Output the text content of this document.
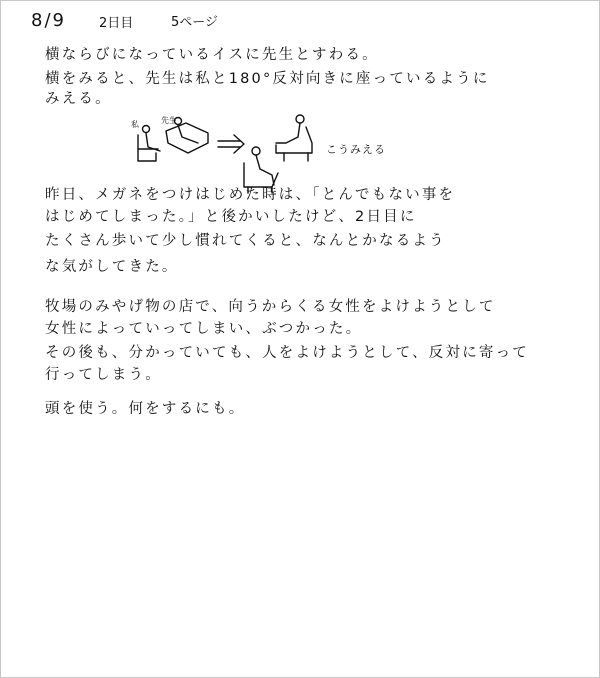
8/9	2日目	5ページ
横ならびになっているイスに先生とすわる。
横をみると、先生は私と180°反対向きに座っているように
みえる。
私	先生
こうみえる
昨日、メガネをつけはじめた時は、「とんでもない事を
はじめてしまった。」と後かいしたけど、2日目に
たくさん歩いて少し慣れてくると、なんとかなるよう
な気がしてきた。
牧場のみやげ物の店で、向うからくる女性をよけようとして
女性によっていってしまい、ぶつかった。
その後も、分かっていても、人をよけようとして、反対に寄って
行ってしまう。
頭を使う。何をするにも。
